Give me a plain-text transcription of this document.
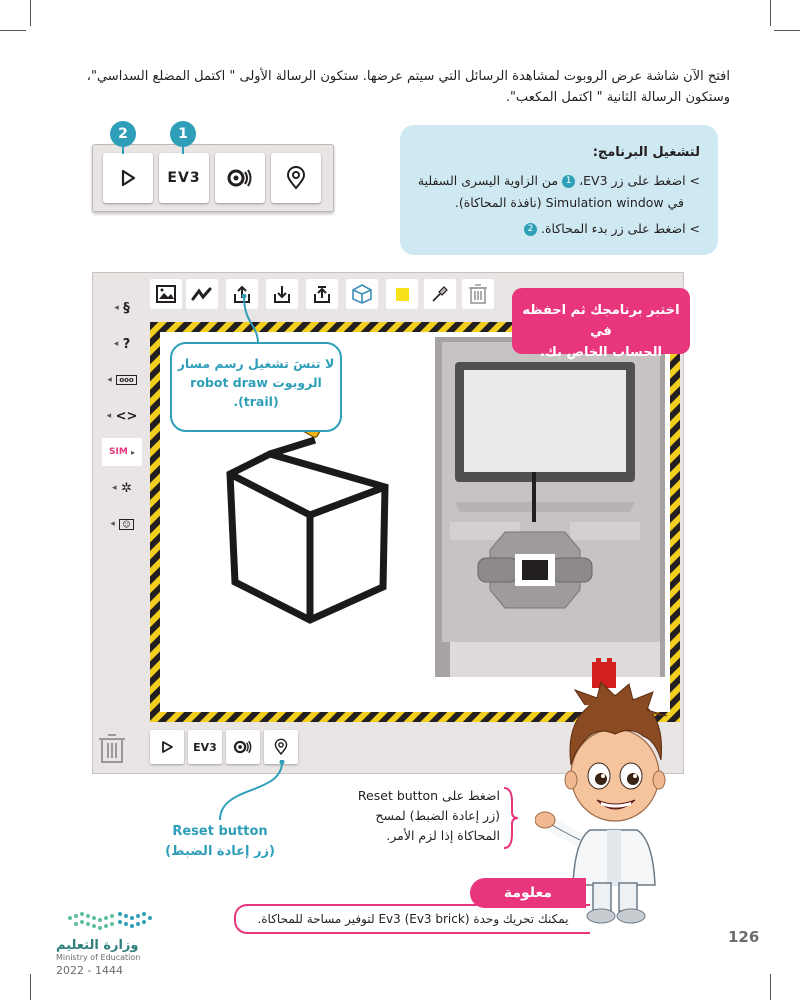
افتح الآن شاشة عرض الروبوت لمشاهدة الرسائل التي سيتم عرضها. ستكون الرسالة الأولى " اكتمل المضلع السداسي"،
وستكون الرسالة الثانية " اكتمل المكعب".
EV3
2	1
لتشغيل البرنامج:
> اضغط على زر EV3، 1 من الزاوية اليسرى السفلية
في Simulation window (نافذة المحاكاة).
> اضغط على زر بدء المحاكاة. 2
◂ §
◂ ?
◂
	ooo
◂ <>
SIM
▸
◂ ✲
◂
☺
اختبر برنامجك ثم احفظه في
الحساب الخاص بك.
لا تنسَ تشغيل رسم مسار
الروبوت robot draw
(trail).
EV3
Reset button
(زر إعادة الضبط)
اضغط على Reset button
(زر إعادة الضبط) لمسح
المحاكاة إذا لزم الأمر.
معلومة
يمكنك تحريك وحدة Ev3 (Ev3 brick) لتوفير مساحة للمحاكاة.
126
وزارة التعليم
Ministry of Education
2022 - 1444
